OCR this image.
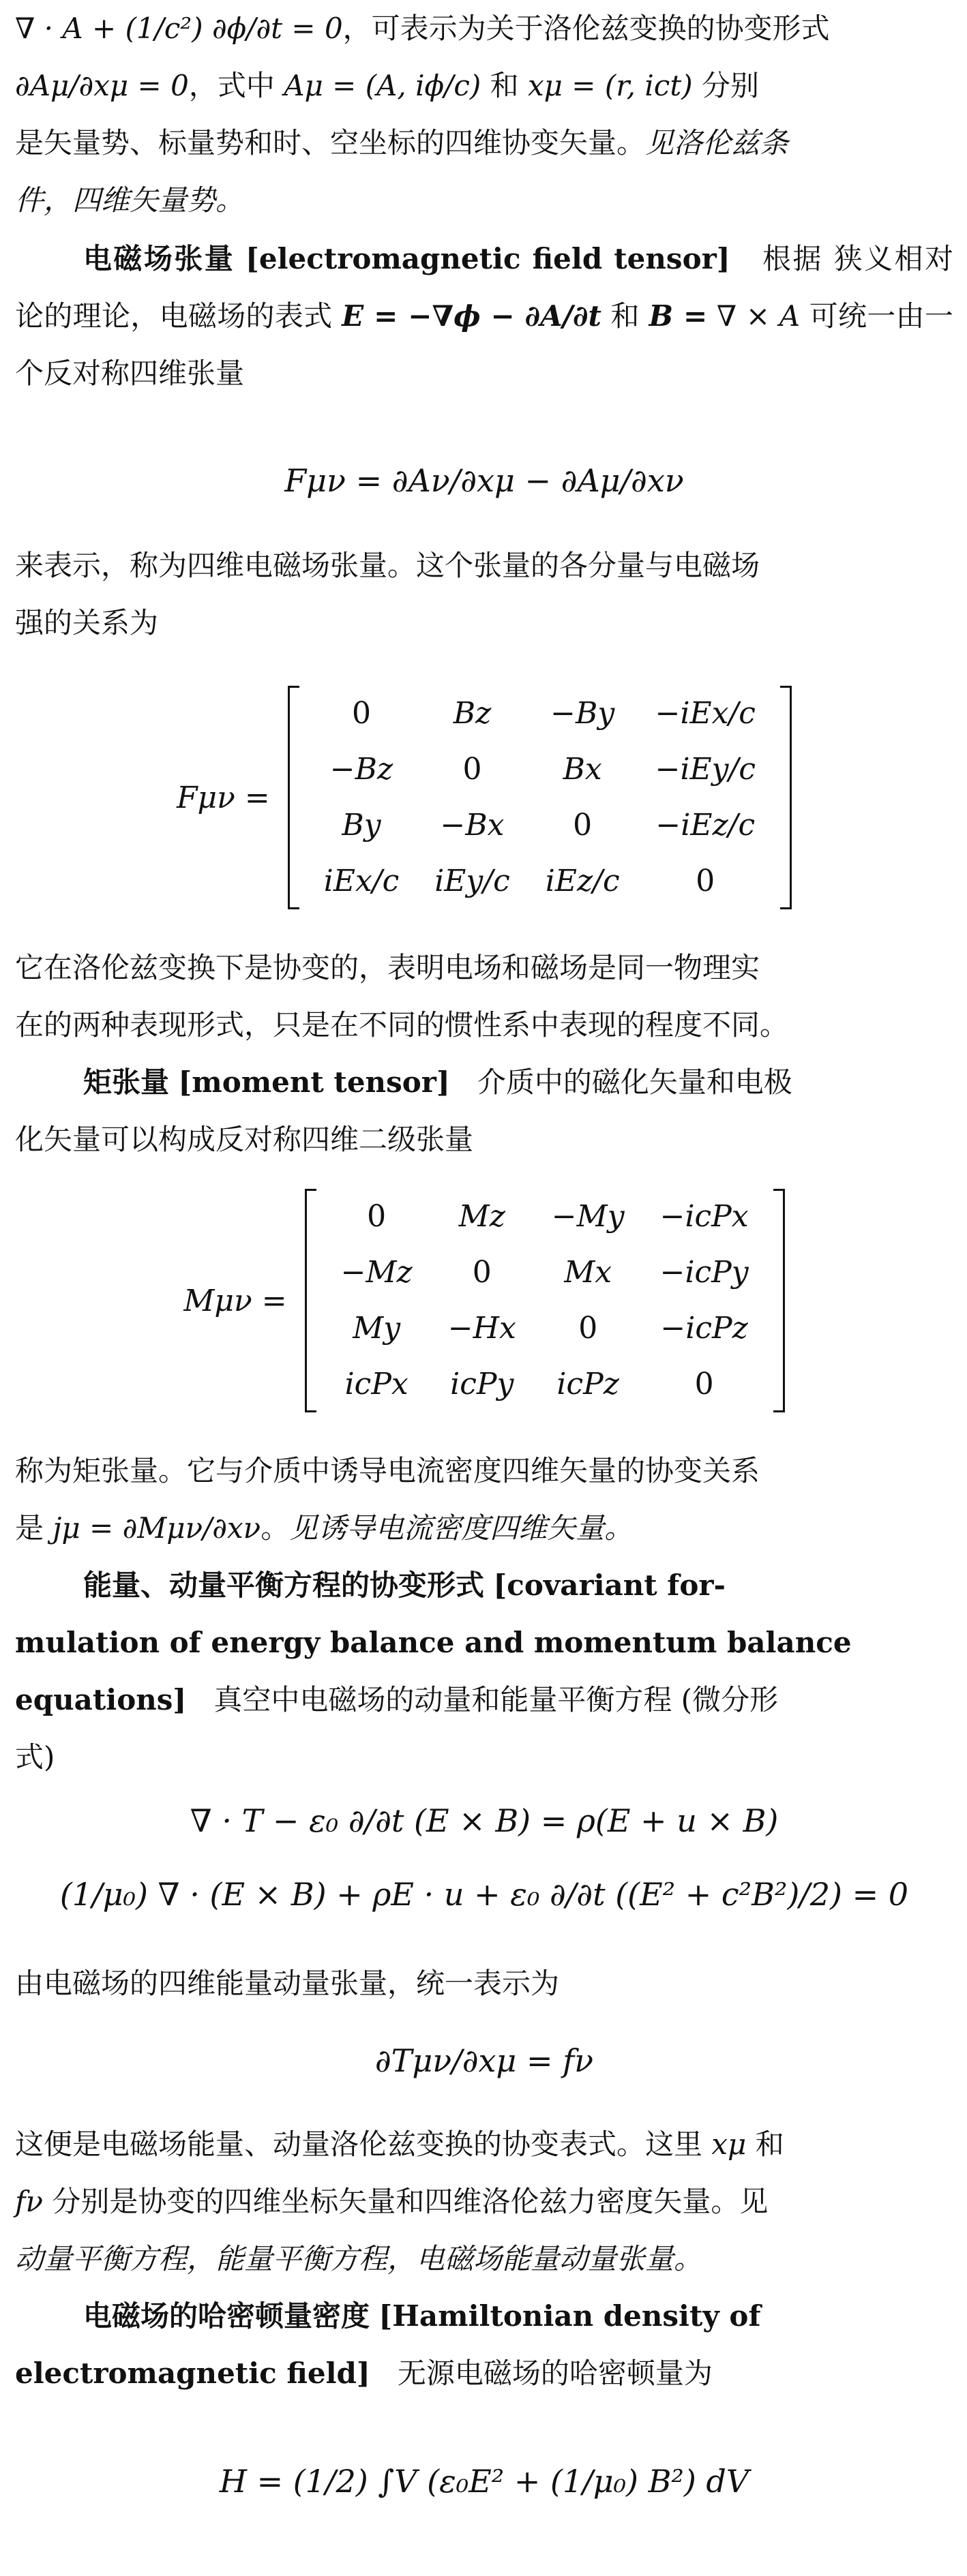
∇ · A + (1/c²) ∂ϕ/∂t = 0，可表示为关于洛伦兹变换的协变形式
∂Aμ/∂xμ = 0，式中 Aμ = (A, iϕ/c) 和 xμ = (r, ict) 分别
是矢量势、标量势和时、空坐标的四维协变矢量。见洛伦兹条
件，四维矢量势。

电磁场张量 [electromagnetic field tensor] 根据 狭义相对论的理论，电磁场的表式 E = −∇ϕ − ∂A/∂t 和 B = ∇ × A 可统一由一个反对称四维张量

Fμν = ∂Aν/∂xμ − ∂Aμ/∂xν

来表示，称为四维电磁场张量。这个张量的各分量与电磁场
强的关系为

Fμν =
0	Bz	−By	−iEx/c
−Bz	0	Bx	−iEy/c
By	−Bx	0	−iEz/c
iEx/c	iEy/c	iEz/c	0

它在洛伦兹变换下是协变的，表明电场和磁场是同一物理实
在的两种表现形式，只是在不同的惯性系中表现的程度不同。

矩张量 [moment tensor] 介质中的磁化矢量和电极
化矢量可以构成反对称四维二级张量

Mμν =
0	Mz	−My	−icPx
−Mz	0	Mx	−icPy
My	−Hx	0	−icPz
icPx	icPy	icPz	0

称为矩张量。它与介质中诱导电流密度四维矢量的协变关系
是 jμ = ∂Mμν/∂xν。见诱导电流密度四维矢量。

能量、动量平衡方程的协变形式 [covariant for-
mulation of energy balance and momentum balance
equations] 真空中电磁场的动量和能量平衡方程 (微分形
式)

∇ · T − ε₀ ∂/∂t (E × B) = ρ(E + u × B)
(1/μ₀) ∇ · (E × B) + ρE · u + ε₀ ∂/∂t ((E² + c²B²)/2) = 0

由电磁场的四维能量动量张量，统一表示为

∂Tμν/∂xμ = fν

这便是电磁场能量、动量洛伦兹变换的协变表式。这里 xμ 和
fν 分别是协变的四维坐标矢量和四维洛伦兹力密度矢量。见
动量平衡方程，能量平衡方程，电磁场能量动量张量。

电磁场的哈密顿量密度 [Hamiltonian density of
electromagnetic field] 无源电磁场的哈密顿量为

H = (1/2) ∫V (ε₀E² + (1/μ₀) B²) dV
